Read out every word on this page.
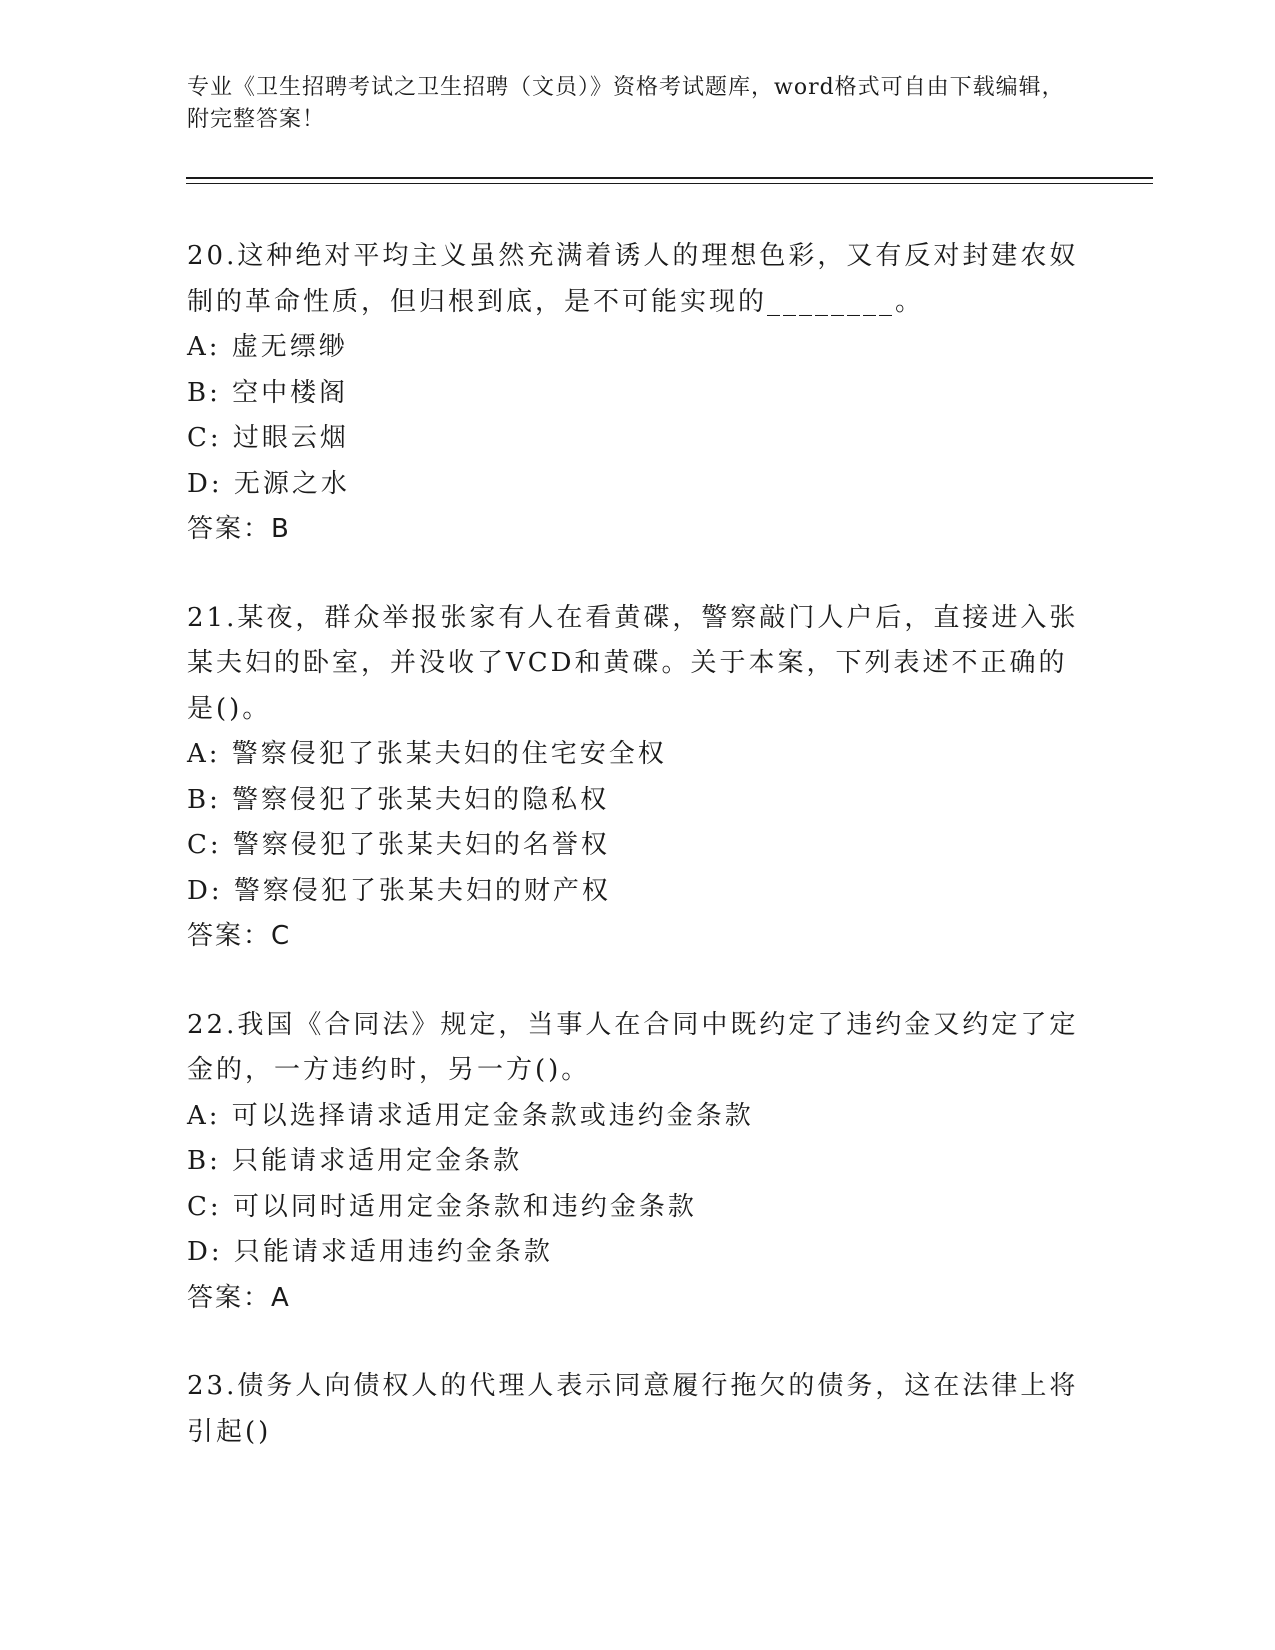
专业《卫生招聘考试之卫生招聘（文员）》资格考试题库，word格式可自由下载编辑，附完整答案！

20.这种绝对平均主义虽然充满着诱人的理想色彩，又有反对封建农奴制的革命性质，但归根到底，是不可能实现的________。

A: 虚无缥缈

B: 空中楼阁

C: 过眼云烟

D: 无源之水

答案：B

21.某夜，群众举报张家有人在看黄碟，警察敲门人户后，直接进入张某夫妇的卧室，并没收了VCD和黄碟。关于本案，下列表述不正确的是()。

A: 警察侵犯了张某夫妇的住宅安全权

B: 警察侵犯了张某夫妇的隐私权

C: 警察侵犯了张某夫妇的名誉权

D: 警察侵犯了张某夫妇的财产权

答案：C

22.我国《合同法》规定，当事人在合同中既约定了违约金又约定了定金的，一方违约时，另一方()。

A: 可以选择请求适用定金条款或违约金条款

B: 只能请求适用定金条款

C: 可以同时适用定金条款和违约金条款

D: 只能请求适用违约金条款

答案：A

23.债务人向债权人的代理人表示同意履行拖欠的债务，这在法律上将引起()
